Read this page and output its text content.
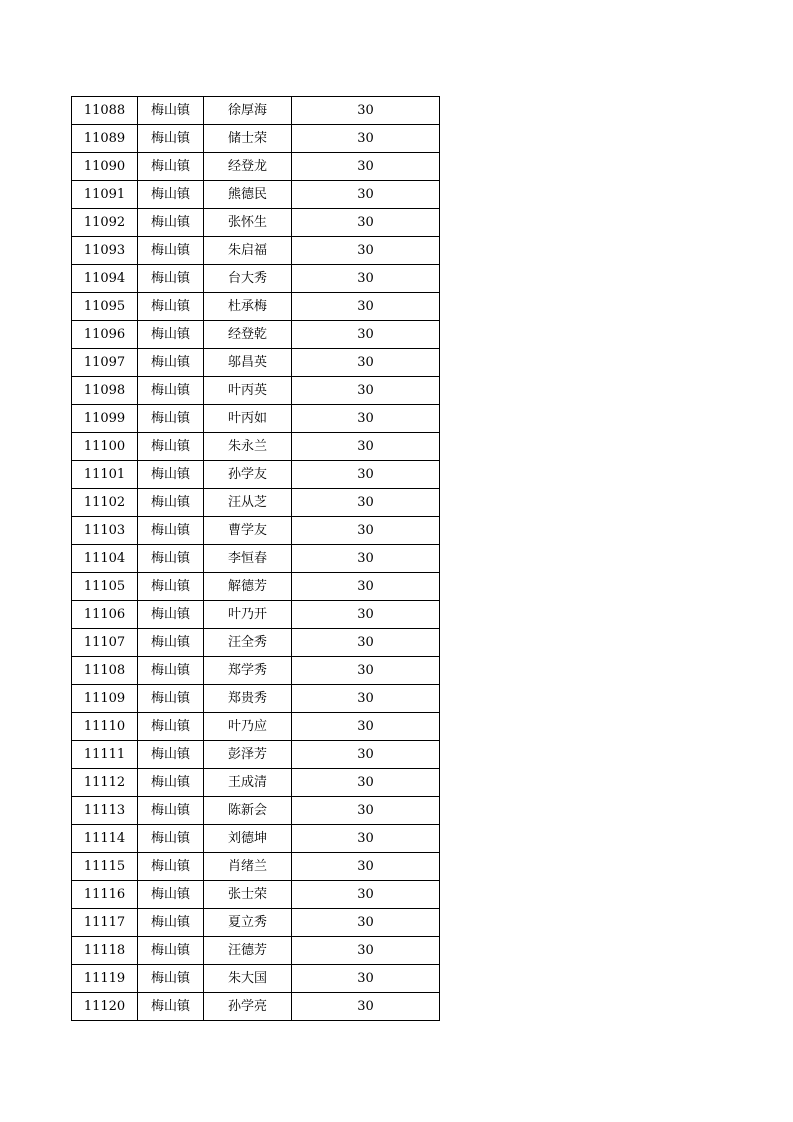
11088	梅山镇	徐厚海	30
11089	梅山镇	储士荣	30
11090	梅山镇	经登龙	30
11091	梅山镇	熊德民	30
11092	梅山镇	张怀生	30
11093	梅山镇	朱启福	30
11094	梅山镇	台大秀	30
11095	梅山镇	杜承梅	30
11096	梅山镇	经登乾	30
11097	梅山镇	邬昌英	30
11098	梅山镇	叶丙英	30
11099	梅山镇	叶丙如	30
11100	梅山镇	朱永兰	30
11101	梅山镇	孙学友	30
11102	梅山镇	汪从芝	30
11103	梅山镇	曹学友	30
11104	梅山镇	李恒春	30
11105	梅山镇	解德芳	30
11106	梅山镇	叶乃开	30
11107	梅山镇	汪全秀	30
11108	梅山镇	郑学秀	30
11109	梅山镇	郑贵秀	30
11110	梅山镇	叶乃应	30
11111	梅山镇	彭泽芳	30
11112	梅山镇	王成清	30
11113	梅山镇	陈新会	30
11114	梅山镇	刘德坤	30
11115	梅山镇	肖绪兰	30
11116	梅山镇	张士荣	30
11117	梅山镇	夏立秀	30
11118	梅山镇	汪德芳	30
11119	梅山镇	朱大国	30
11120	梅山镇	孙学亮	30
